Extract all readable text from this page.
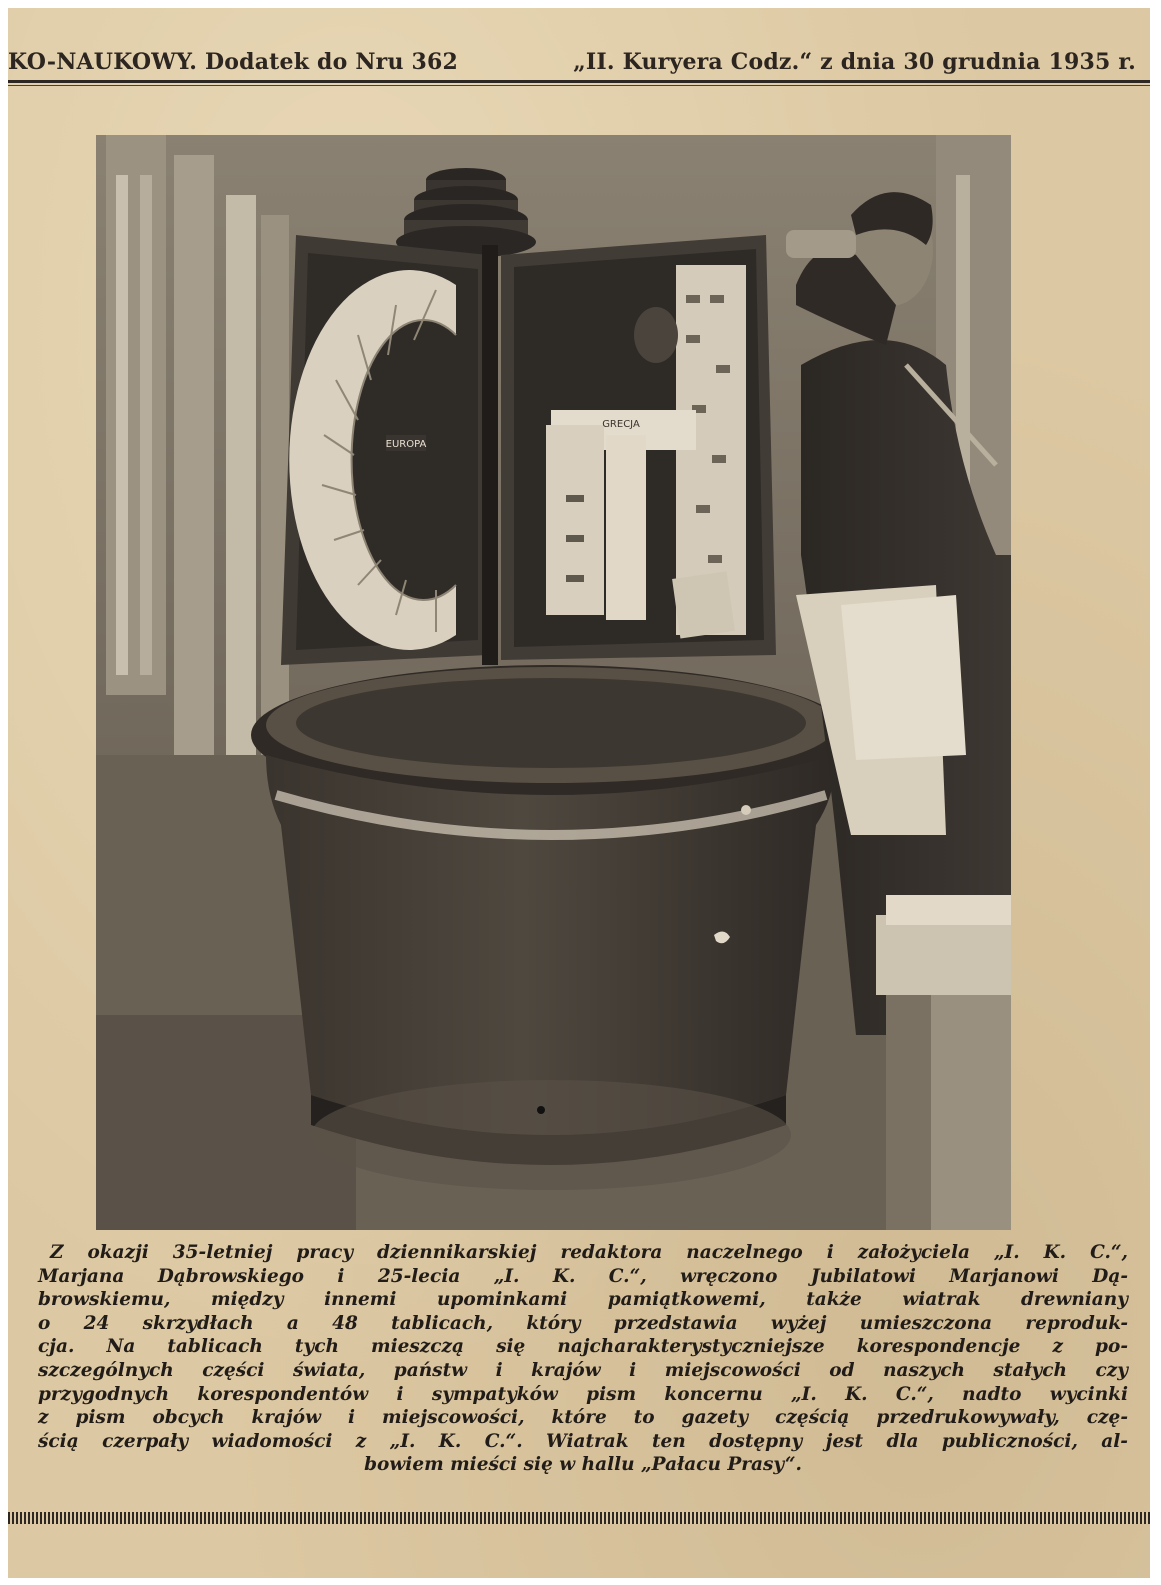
KO-NAUKOWY. Dodatek do Nru 362	„II. Kuryera Codz.“ z dnia 30 grudnia 1935 r.
EUROPA
GRECJA
Z okazji 35-letniej pracy dziennikarskiej redaktora naczelnego i założyciela „I. K. C.“,
Marjana Dąbrowskiego i 25-lecia „I. K. C.“, wręczono Jubilatowi Marjanowi Dą-
browskiemu, między innemi upominkami pamiątkowemi, także wiatrak drewniany
o 24 skrzydłach a 48 tablicach, który przedstawia wyżej umieszczona reproduk-
cja. Na tablicach tych mieszczą się najcharakterystyczniejsze korespondencje z po-
szczególnych części świata, państw i krajów i miejscowości od naszych stałych czy
przygodnych korespondentów i sympatyków pism koncernu „I. K. C.“, nadto wycinki
z pism obcych krajów i miejscowości, które to gazety częścią przedrukowywały, czę-
ścią czerpały wiadomości z „I. K. C.“. Wiatrak ten dostępny jest dla publiczności, al-
bowiem mieści się w hallu „Pałacu Prasy“.
